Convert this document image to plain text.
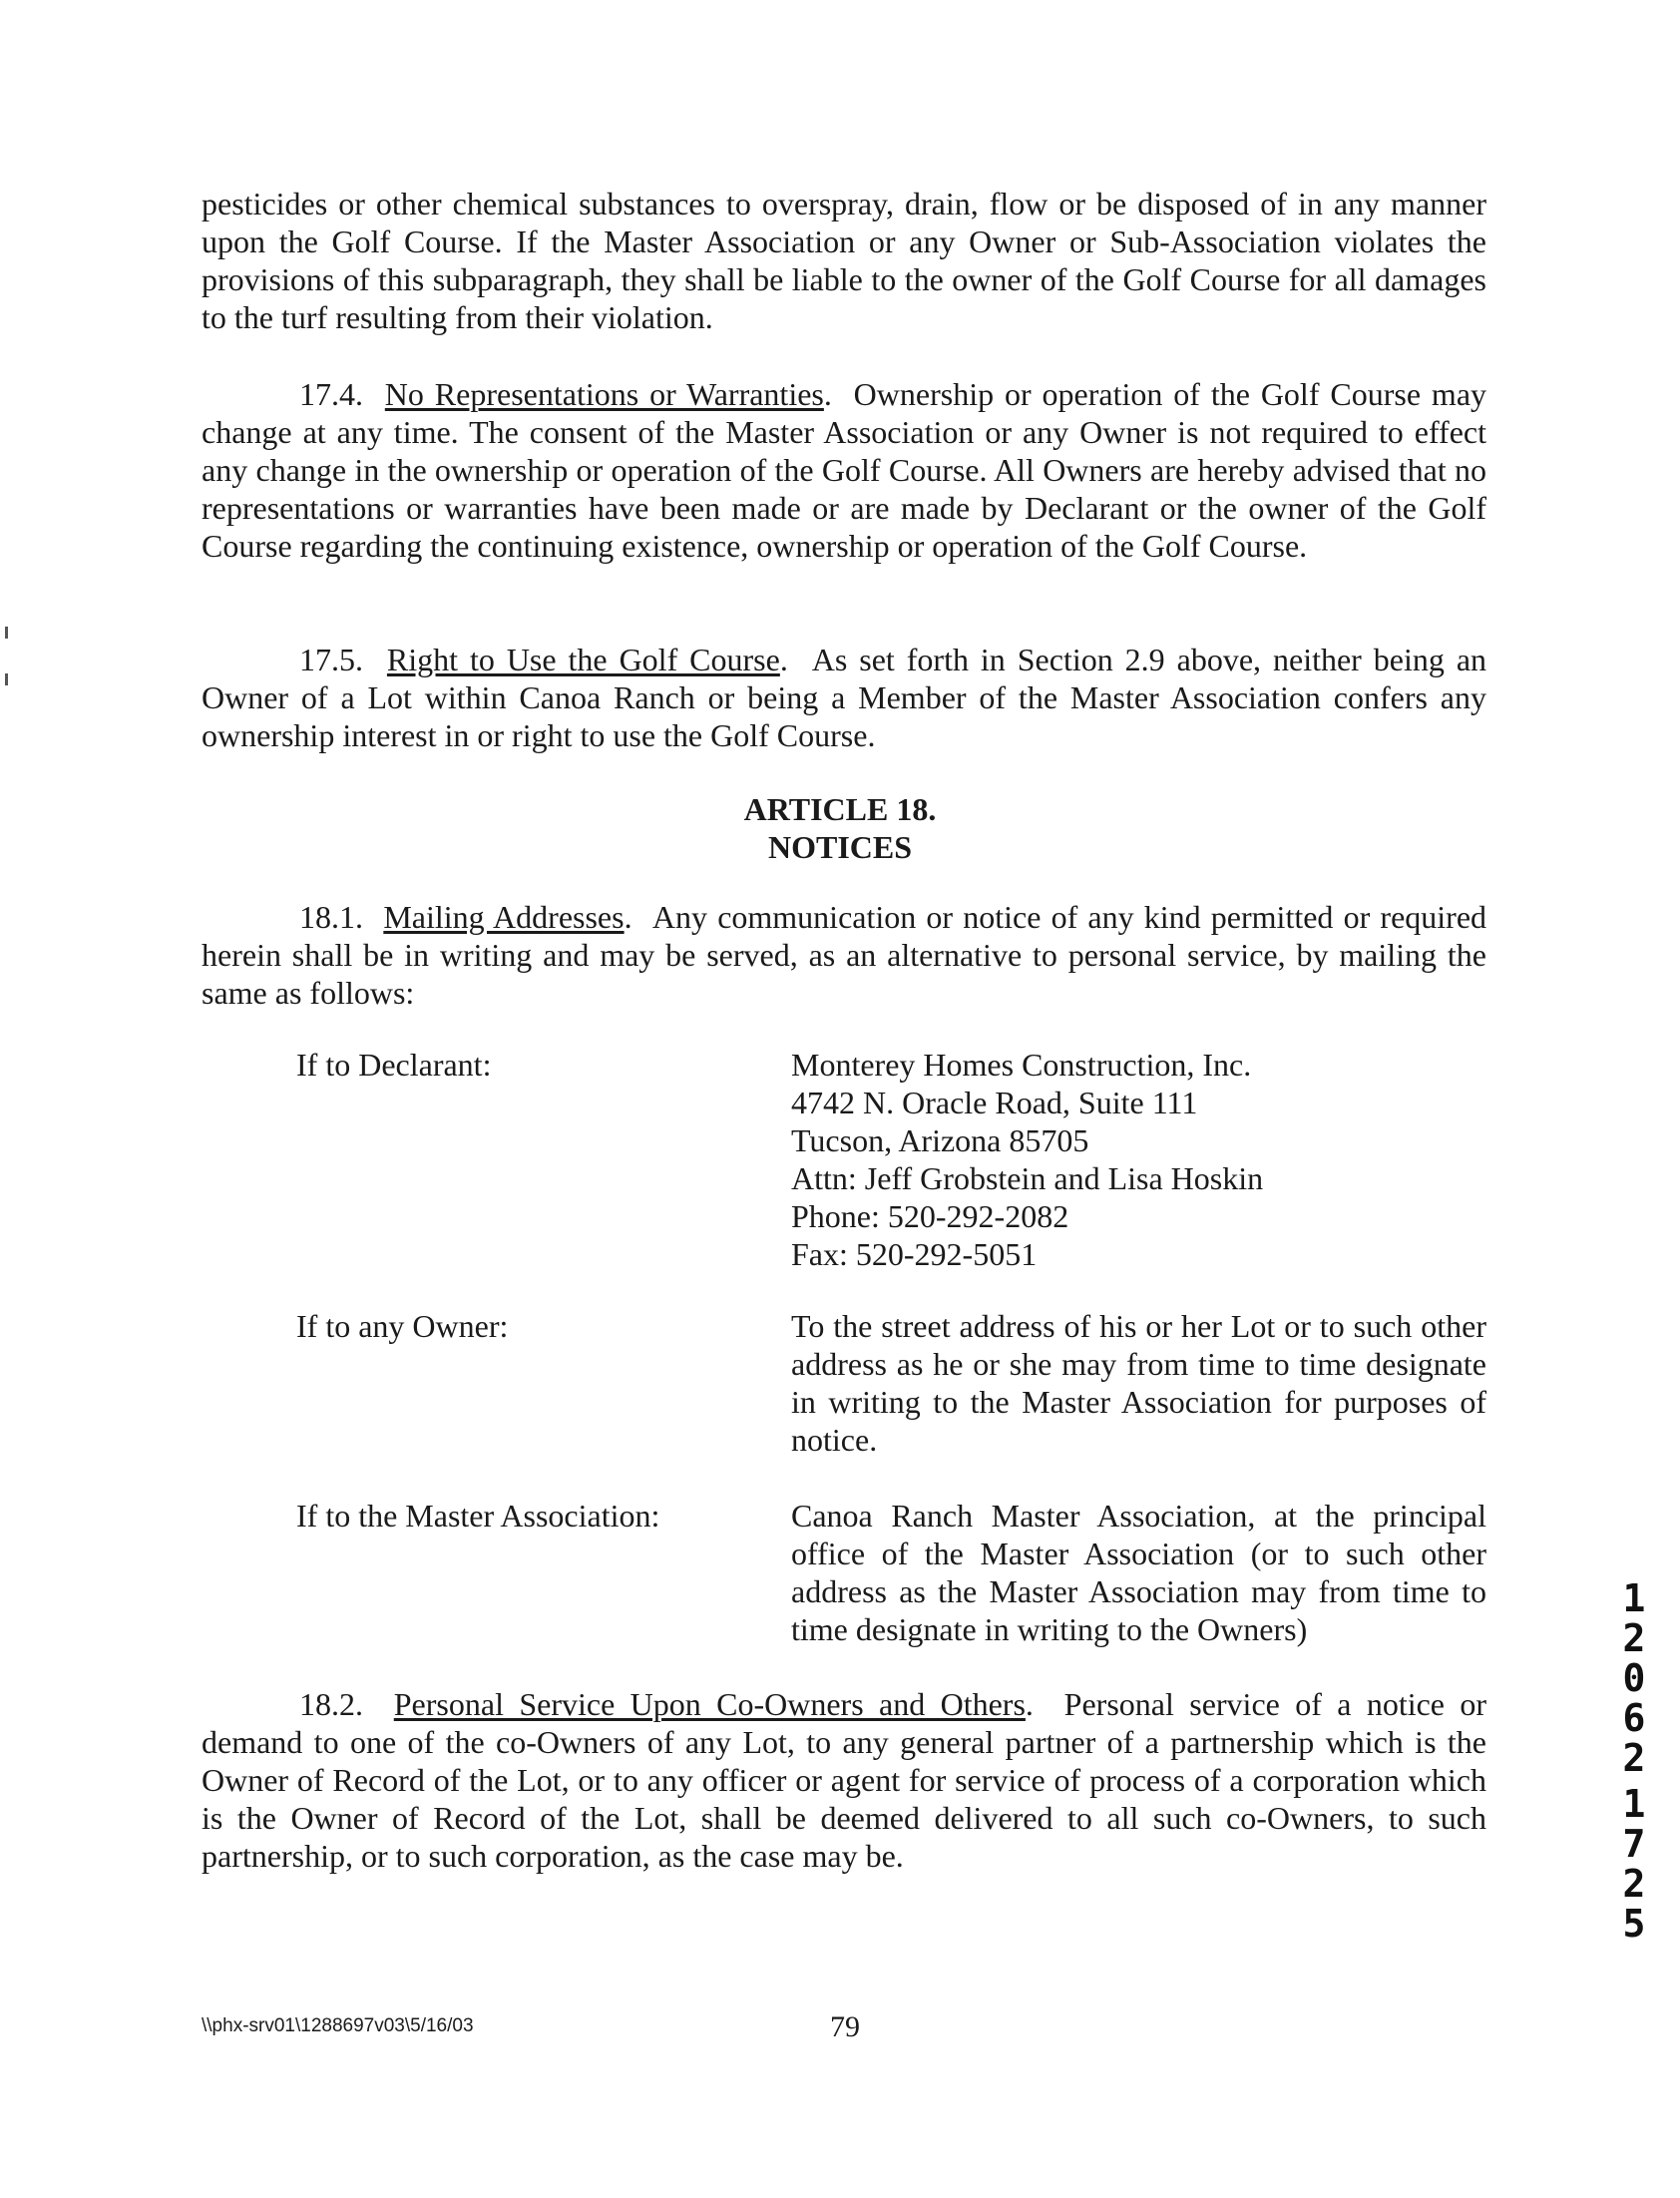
pesticides or other chemical substances to overspray, drain, flow or be disposed of in any manner upon the Golf Course. If the Master Association or any Owner or Sub-Association violates the provisions of this subparagraph, they shall be liable to the owner of the Golf Course for all damages to the turf resulting from their violation.

17.4. No Representations or Warranties.  Ownership or operation of the Golf Course may change at any time. The consent of the Master Association or any Owner is not required to effect any change in the ownership or operation of the Golf Course. All Owners are hereby advised that no representations or warranties have been made or are made by Declarant or the owner of the Golf Course regarding the continuing existence, ownership or operation of the Golf Course.

17.5. Right to Use the Golf Course.  As set forth in Section 2.9 above, neither being an Owner of a Lot within Canoa Ranch or being a Member of the Master Association confers any ownership interest in or right to use the Golf Course.

ARTICLE 18.
NOTICES

18.1. Mailing Addresses.  Any communication or notice of any kind permitted or required herein shall be in writing and may be served, as an alternative to personal service, by mailing the same as follows:

If to Declarant:	Monterey Homes Construction, Inc.
4742 N. Oracle Road, Suite 111
Tucson, Arizona 85705
Attn: Jeff Grobstein and Lisa Hoskin
Phone: 520-292-2082
Fax: 520-292-5051

If to any Owner:	To the street address of his or her Lot or to such other address as he or she may from time to time designate in writing to the Master Association for purposes of notice.

If to the Master Association:	Canoa Ranch Master Association, at the principal office of the Master Association (or to such other address as the Master Association may from time to time designate in writing to the Owners)

18.2. Personal Service Upon Co-Owners and Others.  Personal service of a notice or demand to one of the co-Owners of any Lot, to any general partner of a partnership which is the Owner of Record of the Lot, or to any officer or agent for service of process of a corporation which is the Owner of Record of the Lot, shall be deemed delivered to all such co-Owners, to such partnership, or to such corporation, as the case may be.

\\phx-srv01\1288697v03\5/16/03	79
1
2
0
6
2
1
7
2
5
